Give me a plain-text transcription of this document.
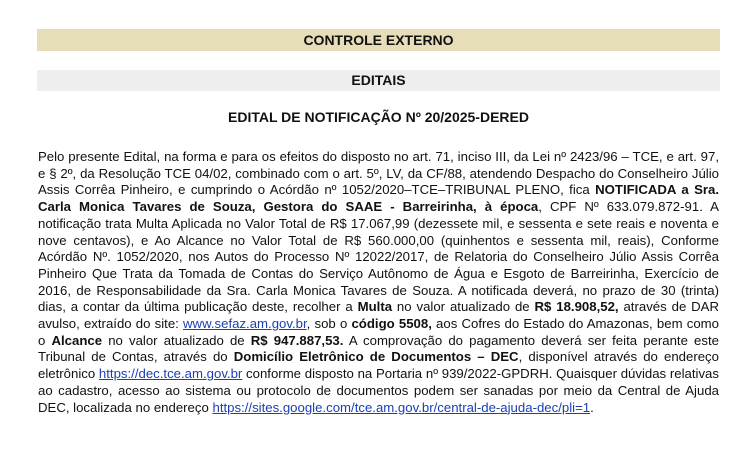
CONTROLE EXTERNO
EDITAIS
EDITAL DE NOTIFICAÇÃO Nº 20/2025-DERED
Pelo presente Edital, na forma e para os efeitos do disposto no art. 71, inciso III, da Lei nº 2423/96 – TCE, e art. 97, e § 2º, da Resolução TCE 04/02, combinado com o art. 5º, LV, da CF/88, atendendo Despacho do Conselheiro Júlio Assis Corrêa Pinheiro, e cumprindo o Acórdão nº 1052/2020–TCE–TRIBUNAL PLENO, fica NOTIFICADA a Sra. Carla Monica Tavares de Souza, Gestora do SAAE - Barreirinha, à época, CPF Nº 633.079.872-91. A notificação trata Multa Aplicada no Valor Total de R$ 17.067,99 (dezessete mil, e sessenta e sete reais e noventa e nove centavos), e Ao Alcance no Valor Total de R$ 560.000,00 (quinhentos e sessenta mil, reais), Conforme Acórdão Nº. 1052/2020, nos Autos do Processo Nº 12022/2017, de Relatoria do Conselheiro Júlio Assis Corrêa Pinheiro Que Trata da Tomada de Contas do Serviço Autônomo de Água e Esgoto de Barreirinha, Exercício de 2016, de Responsabilidade da Sra. Carla Monica Tavares de Souza. A notificada deverá, no prazo de 30 (trinta) dias, a contar da última publicação deste, recolher a Multa no valor atualizado de R$ 18.908,52, através de DAR avulso, extraído do site: www.sefaz.am.gov.br, sob o código 5508, aos Cofres do Estado do Amazonas, bem como o Alcance no valor atualizado de R$ 947.887,53. A comprovação do pagamento deverá ser feita perante este Tribunal de Contas, através do Domicílio Eletrônico de Documentos – DEC, disponível através do endereço eletrônico https://dec.tce.am.gov.br conforme disposto na Portaria nº 939/2022-GPDRH. Quaisquer dúvidas relativas ao cadastro, acesso ao sistema ou protocolo de documentos podem ser sanadas por meio da Central de Ajuda DEC, localizada no endereço https://sites.google.com/tce.am.gov.br/central-de-ajuda-dec/pli=1.
